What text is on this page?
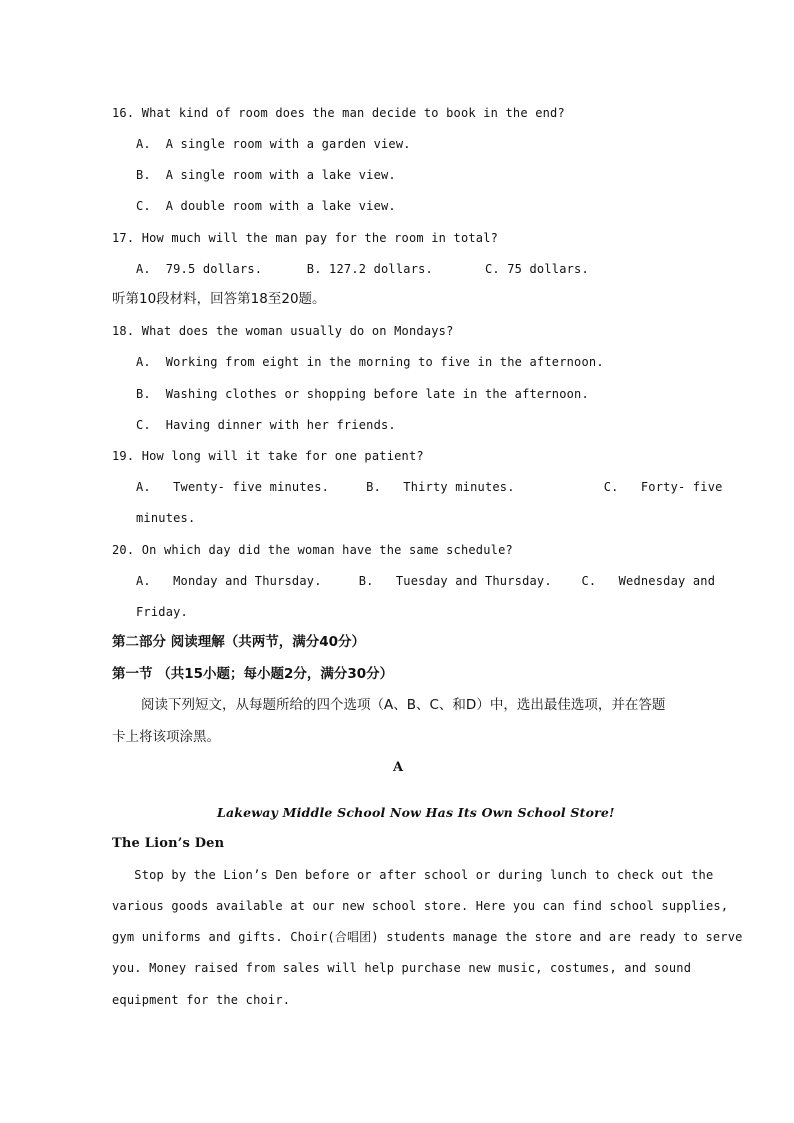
16. What kind of room does the man decide to book in the end?
A.  A single room with a garden view.
B.  A single room with a lake view.
C.  A double room with a lake view.
17. How much will the man pay for the room in total?
A.  79.5 dollars.      B. 127.2 dollars.       C. 75 dollars.
听第10段材料，回答第18至20题。
18. What does the woman usually do on Mondays?
A.  Working from eight in the morning to five in the afternoon.
B.  Washing clothes or shopping before late in the afternoon.
C.  Having dinner with her friends.
19. How long will it take for one patient?
A.   Twenty- five minutes.     B.   Thirty minutes.            C.   Forty- five
minutes.
20. On which day did the woman have the same schedule?
A.   Monday and Thursday.     B.   Tuesday and Thursday.    C.   Wednesday and
Friday.
第二部分 阅读理解（共两节，满分40分）
第一节 （共15小题；每小题2分，满分30分）
阅读下列短文，从每题所给的四个选项（A、B、C、和D）中，选出最佳选项，并在答题
卡上将该项涂黑。
A
Lakeway Middle School Now Has Its Own School Store!
The Lion’s Den
Stop by the Lion’s Den before or after school or during lunch to check out the
various goods available at our new school store. Here you can find school supplies,
gym uniforms and gifts. Choir(合唱团) students manage the store and are ready to serve
you. Money raised from sales will help purchase new music, costumes, and sound
equipment for the choir.
